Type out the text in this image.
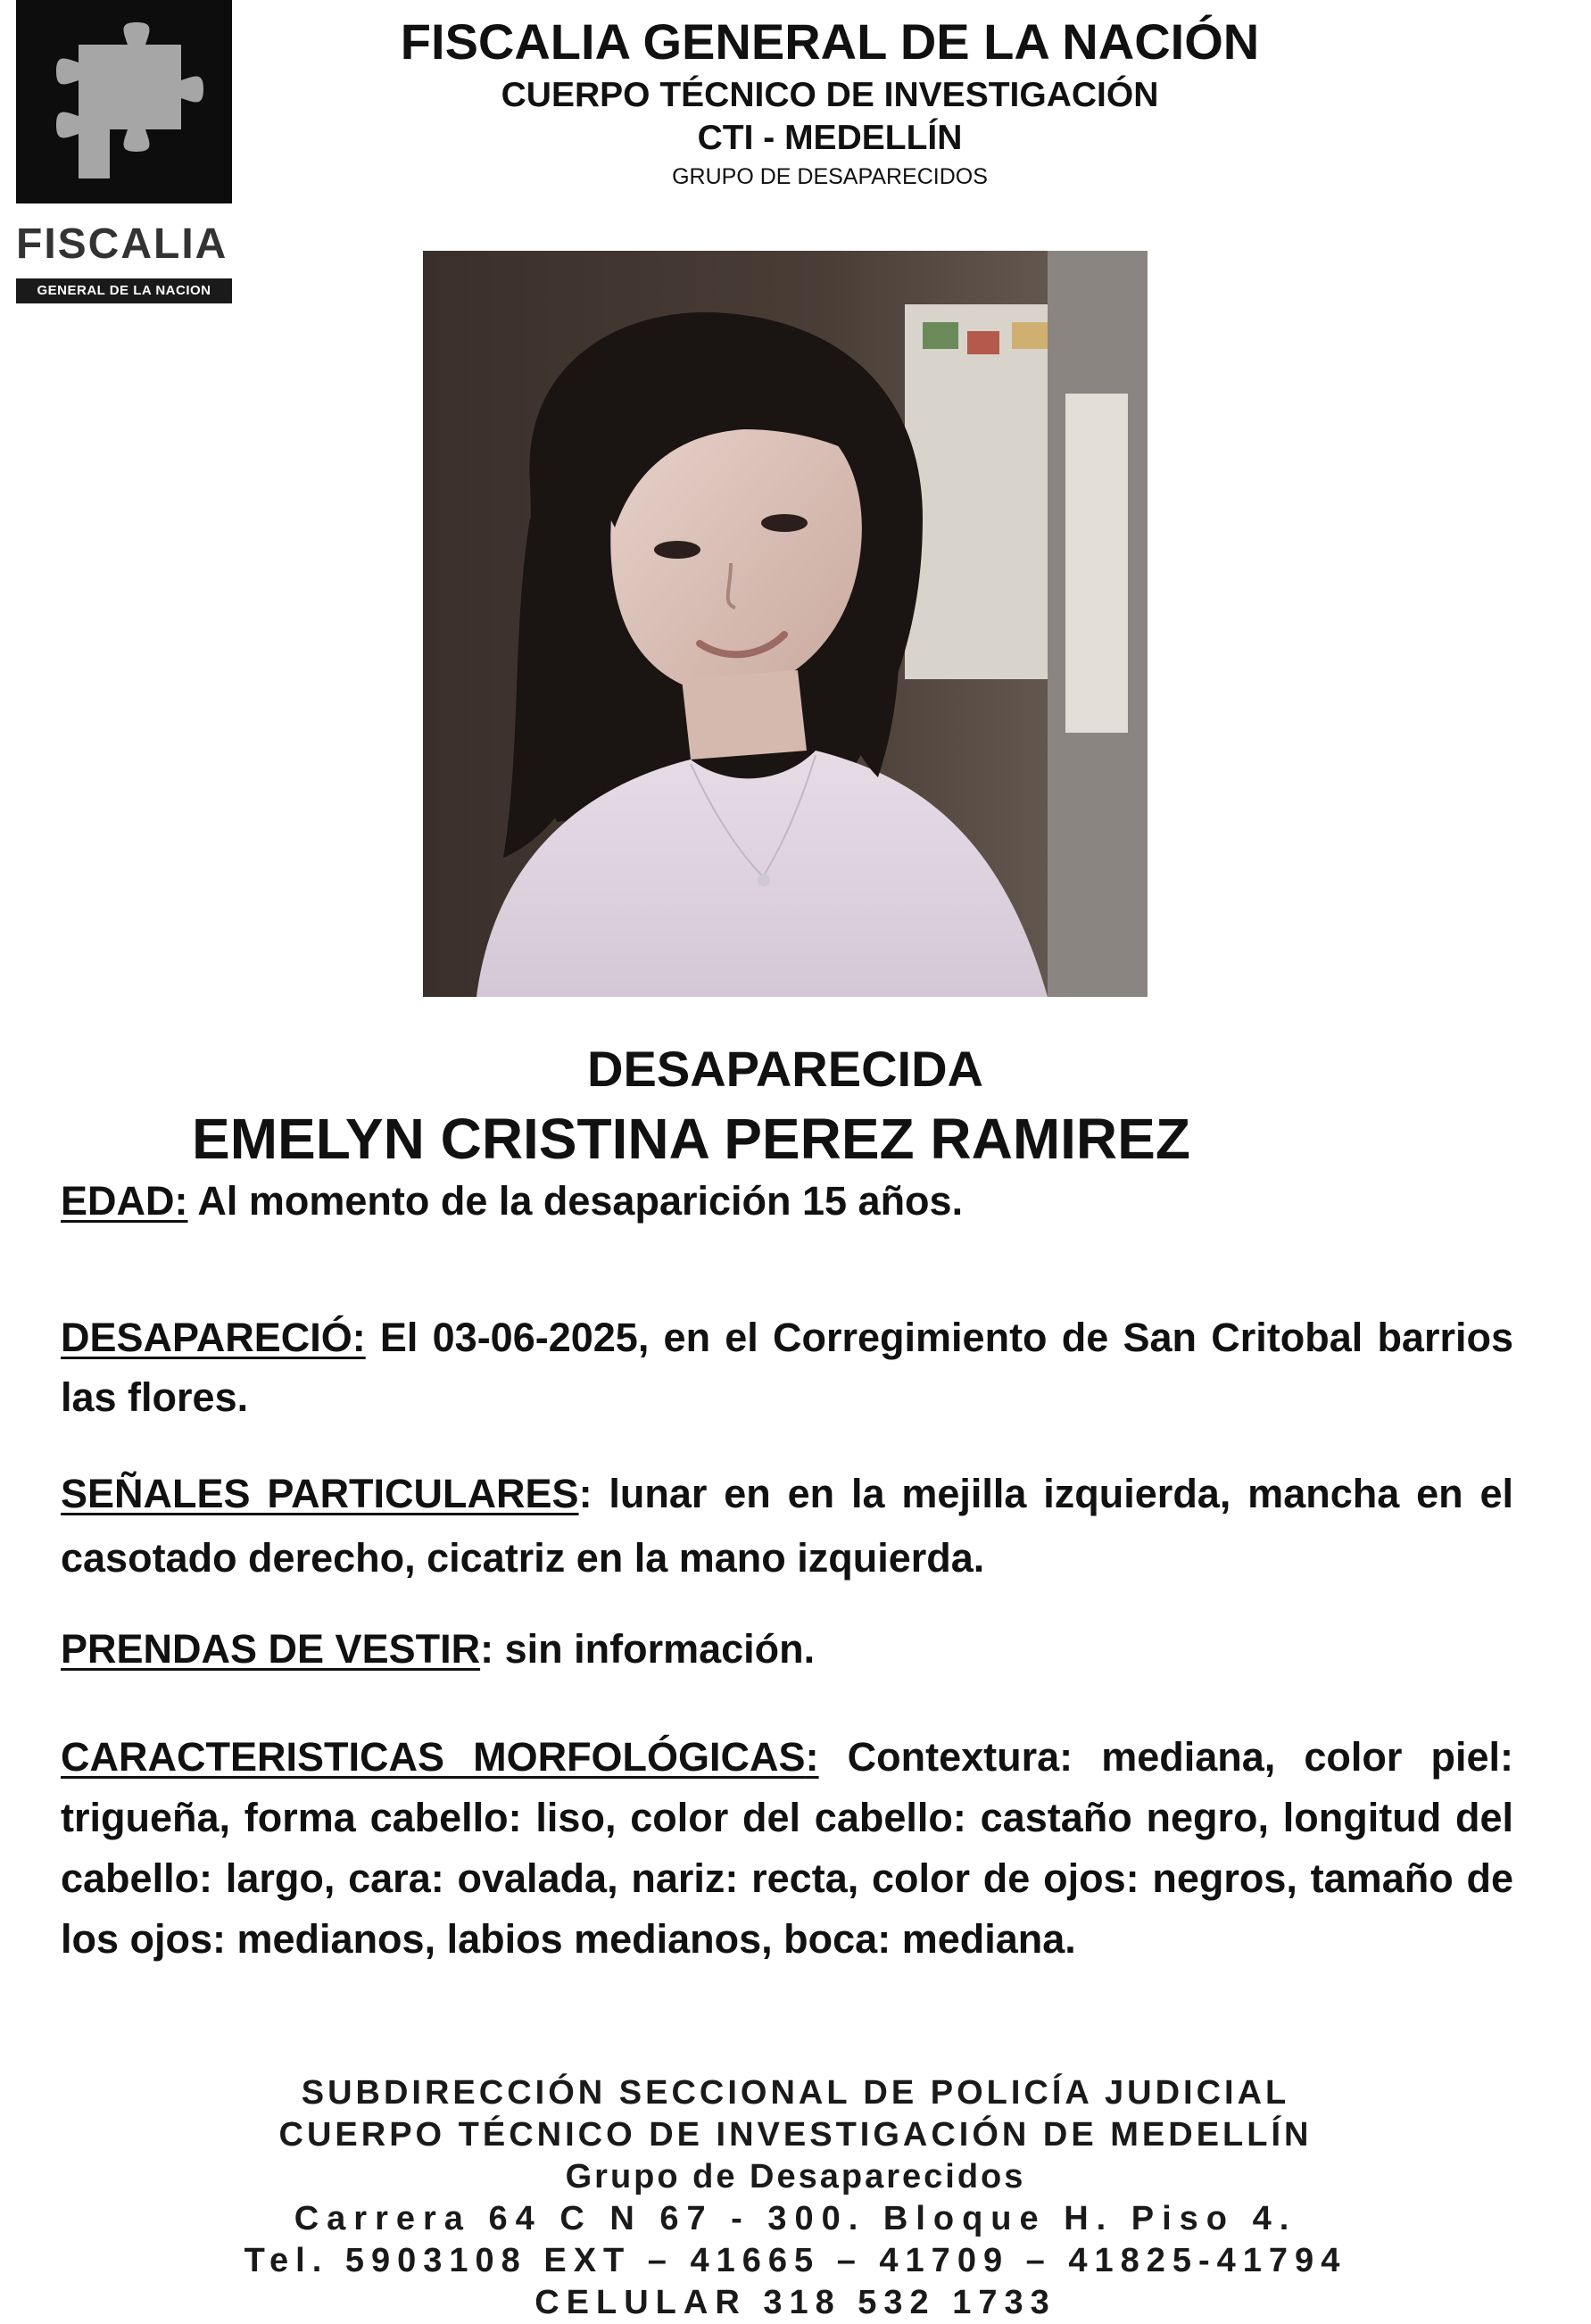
FISCALIA
GENERAL DE LA NACION
FISCALIA GENERAL DE LA NACIÓN
CUERPO TÉCNICO DE INVESTIGACIÓN
CTI - MEDELLÍN
GRUPO DE DESAPARECIDOS
DESAPARECIDA
EMELYN CRISTINA PEREZ RAMIREZ
EDAD: Al momento de la desaparición 15 años.
DESAPARECIÓ: El 03-06-2025, en el Corregimiento de San Critobal barrios las flores.
SEÑALES PARTICULARES: lunar en en la mejilla izquierda, mancha en el casotado derecho, cicatriz en la mano izquierda.
PRENDAS DE VESTIR: sin información.
CARACTERISTICAS MORFOLÓGICAS: Contextura: mediana, color piel: trigueña, forma cabello: liso, color del cabello: castaño negro, longitud del cabello: largo, cara: ovalada, nariz: recta, color de ojos: negros, tamaño de los ojos: medianos, labios medianos, boca: mediana.
SUBDIRECCIÓN SECCIONAL DE POLICÍA JUDICIAL
CUERPO TÉCNICO DE INVESTIGACIÓN DE MEDELLÍN
Grupo de Desaparecidos
Carrera 64 C N 67 - 300. Bloque H. Piso 4.
Tel. 5903108 EXT – 41665 – 41709 – 41825-41794
CELULAR 318 532 1733
